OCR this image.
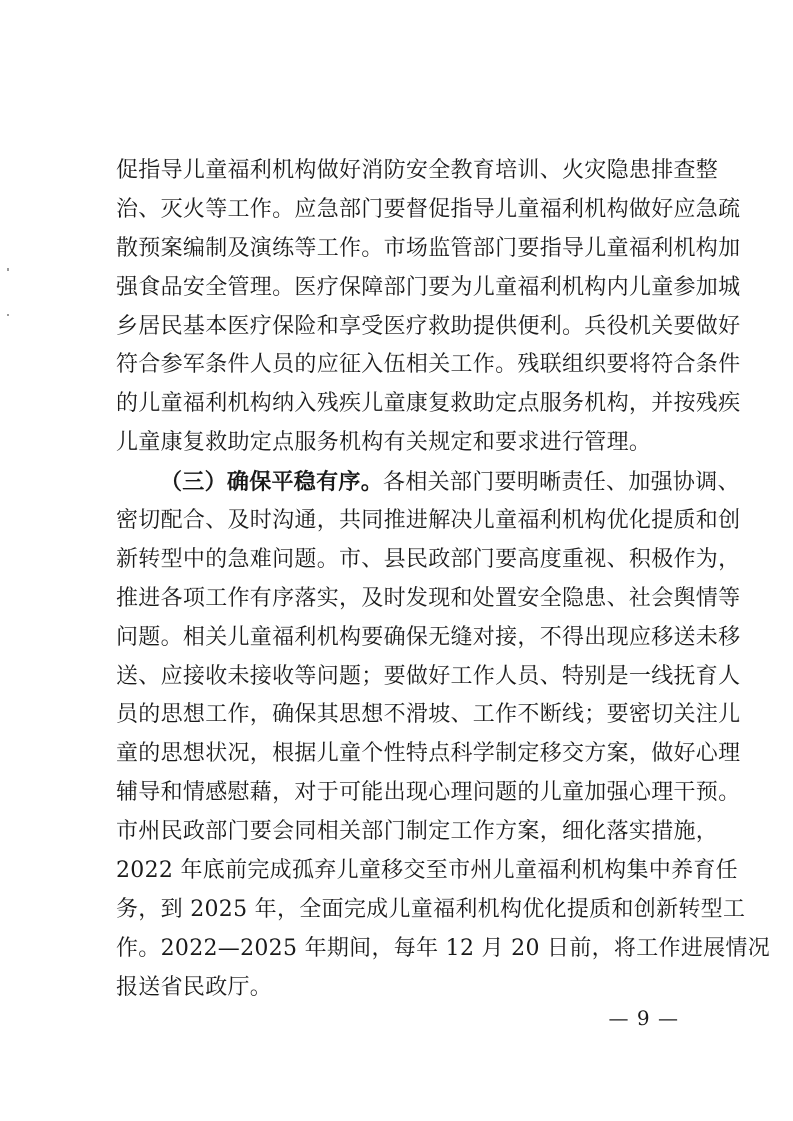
促指导儿童福利机构做好消防安全教育培训、火灾隐患排查整
治、灭火等工作。应急部门要督促指导儿童福利机构做好应急疏
散预案编制及演练等工作。市场监管部门要指导儿童福利机构加
强食品安全管理。医疗保障部门要为儿童福利机构内儿童参加城
乡居民基本医疗保险和享受医疗救助提供便利。兵役机关要做好
符合参军条件人员的应征入伍相关工作。残联组织要将符合条件
的儿童福利机构纳入残疾儿童康复救助定点服务机构，并按残疾
儿童康复救助定点服务机构有关规定和要求进行管理。
（三）确保平稳有序。各相关部门要明晰责任、加强协调、
密切配合、及时沟通，共同推进解决儿童福利机构优化提质和创
新转型中的急难问题。市、县民政部门要高度重视、积极作为，
推进各项工作有序落实，及时发现和处置安全隐患、社会舆情等
问题。相关儿童福利机构要确保无缝对接，不得出现应移送未移
送、应接收未接收等问题；要做好工作人员、特别是一线抚育人
员的思想工作，确保其思想不滑坡、工作不断线；要密切关注儿
童的思想状况，根据儿童个性特点科学制定移交方案，做好心理
辅导和情感慰藉，对于可能出现心理问题的儿童加强心理干预。
市州民政部门要会同相关部门制定工作方案，细化落实措施，
2022 年底前完成孤弃儿童移交至市州儿童福利机构集中养育任
务，到 2025 年，全面完成儿童福利机构优化提质和创新转型工
作。2022—2025 年期间，每年 12 月 20 日前，将工作进展情况
报送省民政厅。
— 9 —
